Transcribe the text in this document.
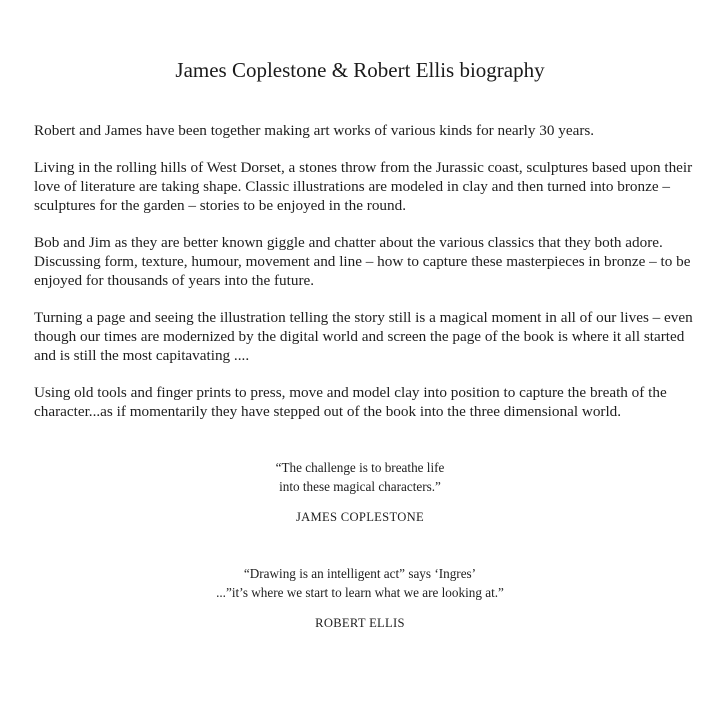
James Coplestone & Robert Ellis biography

Robert and James have been together making art works of various kinds for nearly 30 years.

Living in the rolling hills of West Dorset, a stones throw from the Jurassic coast, sculptures based upon their love of literature are taking shape. Classic illustrations are modeled in clay and then turned into bronze – sculptures for the garden – stories to be enjoyed in the round.

Bob and Jim as they are better known giggle and chatter about the various classics that they both adore. Discussing form, texture, humour, movement and line – how to capture these masterpieces in bronze – to be enjoyed for thousands of years into the future.

Turning a page and seeing the illustration telling the story still is a magical moment in all of our lives – even though our times are modernized by the digital world and screen the page of the book is where it all started and is still the most capitavating ....

Using old tools and finger prints to press, move and model clay into position to capture the breath of the character...as if momentarily they have stepped out of the book into the three dimensional world.

“The challenge is to breathe life
into these magical characters.”
JAMES COPLESTONE
“Drawing is an intelligent act” says ‘Ingres’
...”it’s where we start to learn what we are looking at.”
ROBERT ELLIS
